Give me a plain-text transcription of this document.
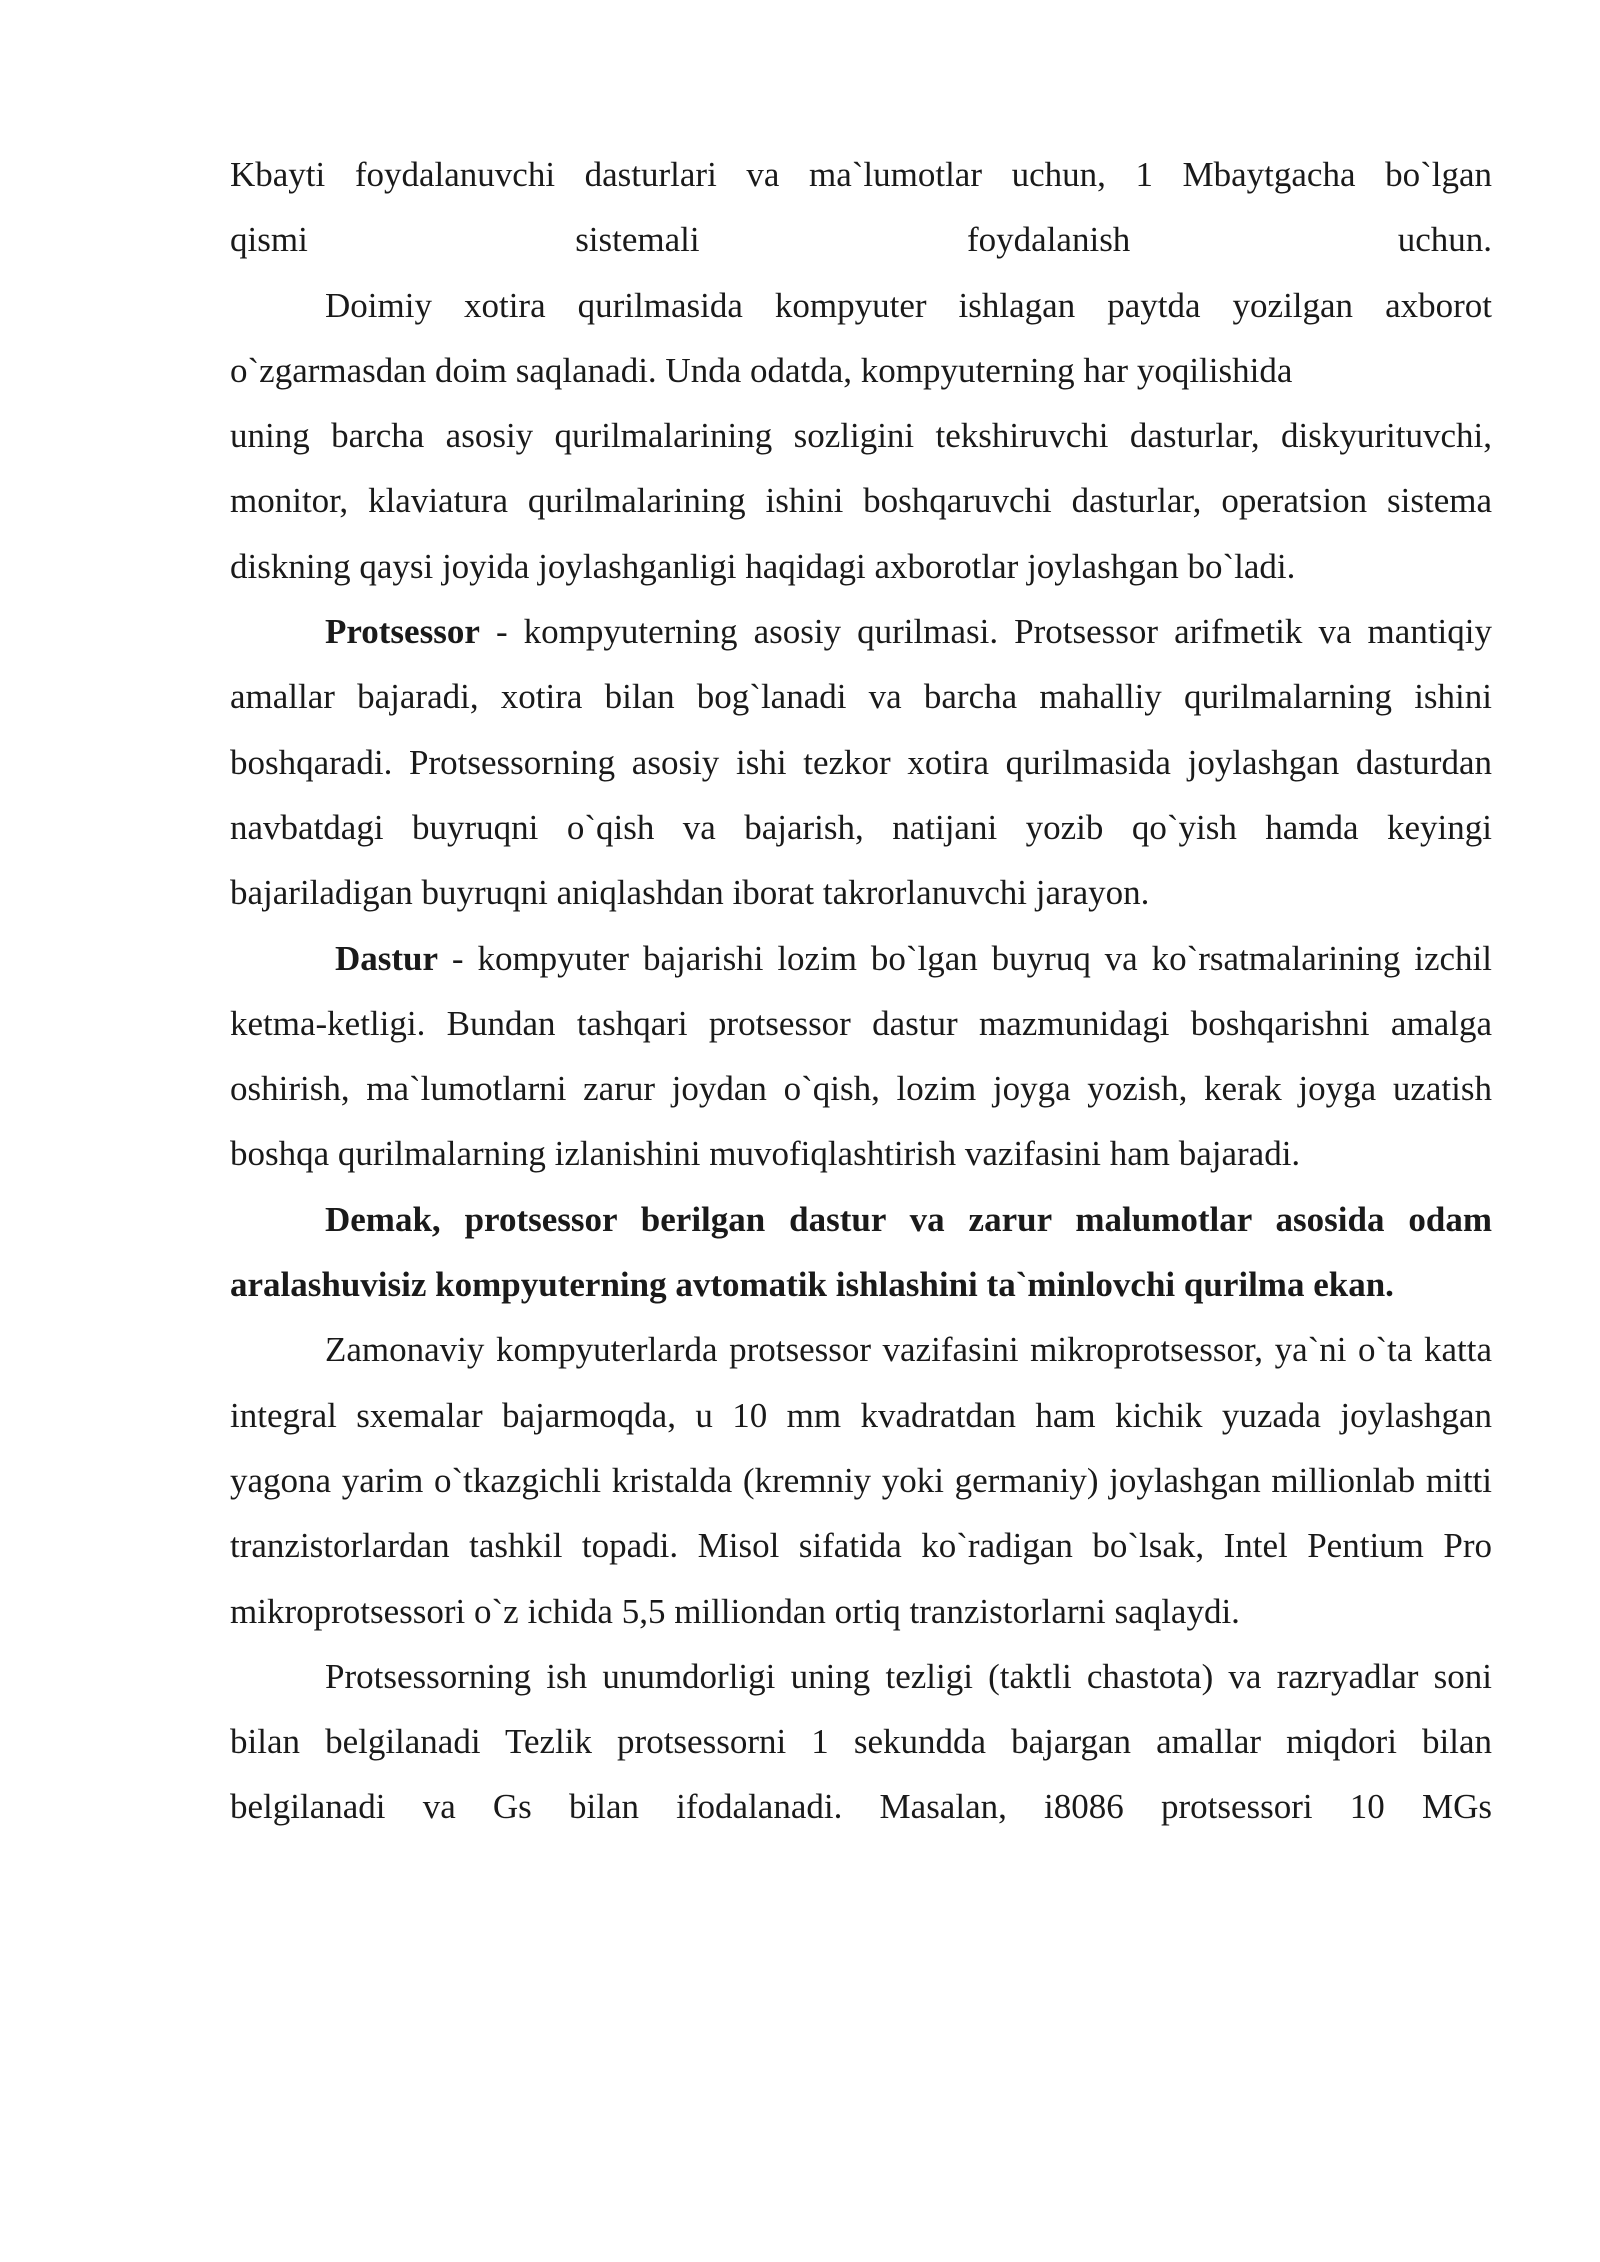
Kbayti foydalanuvchi dasturlari va ma`lumotlar uchun, 1 Mbaytgacha bo`lgan

qismi	sistemali	foydalanish	uchun.

Doimiy xotira qurilmasida kompyuter ishlagan paytda yozilgan axborot o`zgarmasdan doim saqlanadi. Unda odatda, kompyuterning har yoqilishida

uning barcha asosiy qurilmalarining sozligini tekshiruvchi dasturlar, diskyurituvchi, monitor, klaviatura qurilmalarining ishini boshqaruvchi dasturlar, operatsion sistema diskning qaysi joyida joylashganligi haqidagi axborotlar joylashgan bo`ladi.

Protsessor - kompyuterning asosiy qurilmasi. Protsessor arifmetik va mantiqiy amallar bajaradi, xotira bilan bog`lanadi va barcha mahalliy qurilmalarning ishini boshqaradi. Protsessorning asosiy ishi tezkor xotira qurilmasida joylashgan dasturdan navbatdagi buyruqni o`qish va bajarish, natijani yozib qo`yish hamda keyingi bajariladigan buyruqni aniqlashdan iborat takrorlanuvchi jarayon.

Dastur - kompyuter bajarishi lozim bo`lgan buyruq va ko`rsatmalarining izchil ketma-ketligi. Bundan tashqari protsessor dastur mazmunidagi boshqarishni amalga oshirish, ma`lumotlarni zarur joydan o`qish, lozim joyga yozish, kerak joyga uzatish boshqa qurilmalarning izlanishini muvofiqlashtirish vazifasini ham bajaradi.

Demak, protsessor berilgan dastur va zarur malumotlar asosida odam aralashuvisiz kompyuterning avtomatik ishlashini ta`minlovchi qurilma ekan.

Zamonaviy kompyuterlarda protsessor vazifasini mikroprotsessor, ya`ni o`ta katta integral sxemalar bajarmoqda, u 10 mm kvadratdan ham kichik yuzada joylashgan yagona yarim o`tkazgichli kristalda (kremniy yoki germaniy) joylashgan millionlab mitti tranzistorlardan tashkil topadi. Misol sifatida ko`radigan bo`lsak, Intel Pentium Pro mikroprotsessori o`z ichida 5,5 milliondan ortiq tranzistorlarni saqlaydi.

Protsessorning ish unumdorligi uning tezligi (taktli chastota) va razryadlar soni bilan belgilanadi Tezlik protsessorni 1 sekundda bajargan amallar miqdori bilan belgilanadi va Gs bilan ifodalanadi. Masalan, i8086 protsessori 10 MGs
